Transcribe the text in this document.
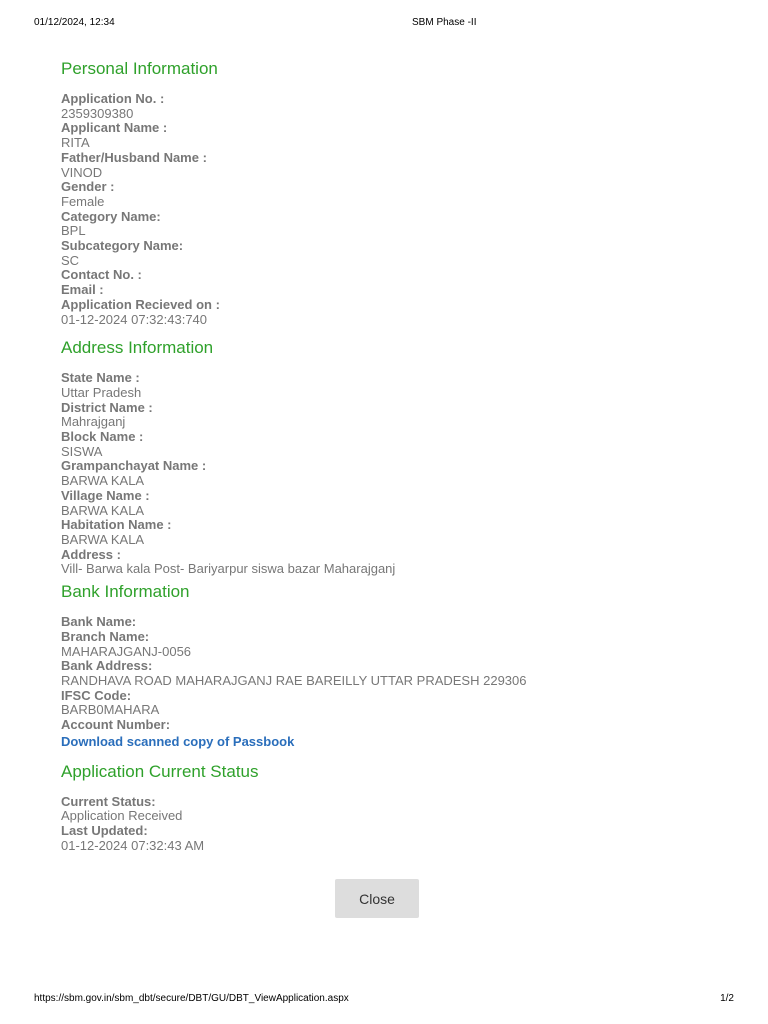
01/12/2024, 12:34	SBM Phase -II
Personal Information
Application No. :
2359309380
Applicant Name :
RITA
Father/Husband Name :
VINOD
Gender :
Female
Category Name:
BPL
Subcategory Name:
SC
Contact No. :
Email :
Application Recieved on :
01-12-2024 07:32:43:740
Address Information
State Name :
Uttar Pradesh
District Name :
Mahrajganj
Block Name :
SISWA
Grampanchayat Name :
BARWA KALA
Village Name :
BARWA KALA
Habitation Name :
BARWA KALA
Address :
Vill- Barwa kala Post- Bariyarpur siswa bazar Maharajganj
Bank Information
Bank Name:
Branch Name:
MAHARAJGANJ-0056
Bank Address:
RANDHAVA ROAD MAHARAJGANJ RAE BAREILLY UTTAR PRADESH 229306
IFSC Code:
BARB0MAHARA
Account Number:
Download scanned copy of Passbook
Application Current Status
Current Status:
Application Received
Last Updated:
01-12-2024 07:32:43 AM
Close
https://sbm.gov.in/sbm_dbt/secure/DBT/GU/DBT_ViewApplication.aspx	1/2
